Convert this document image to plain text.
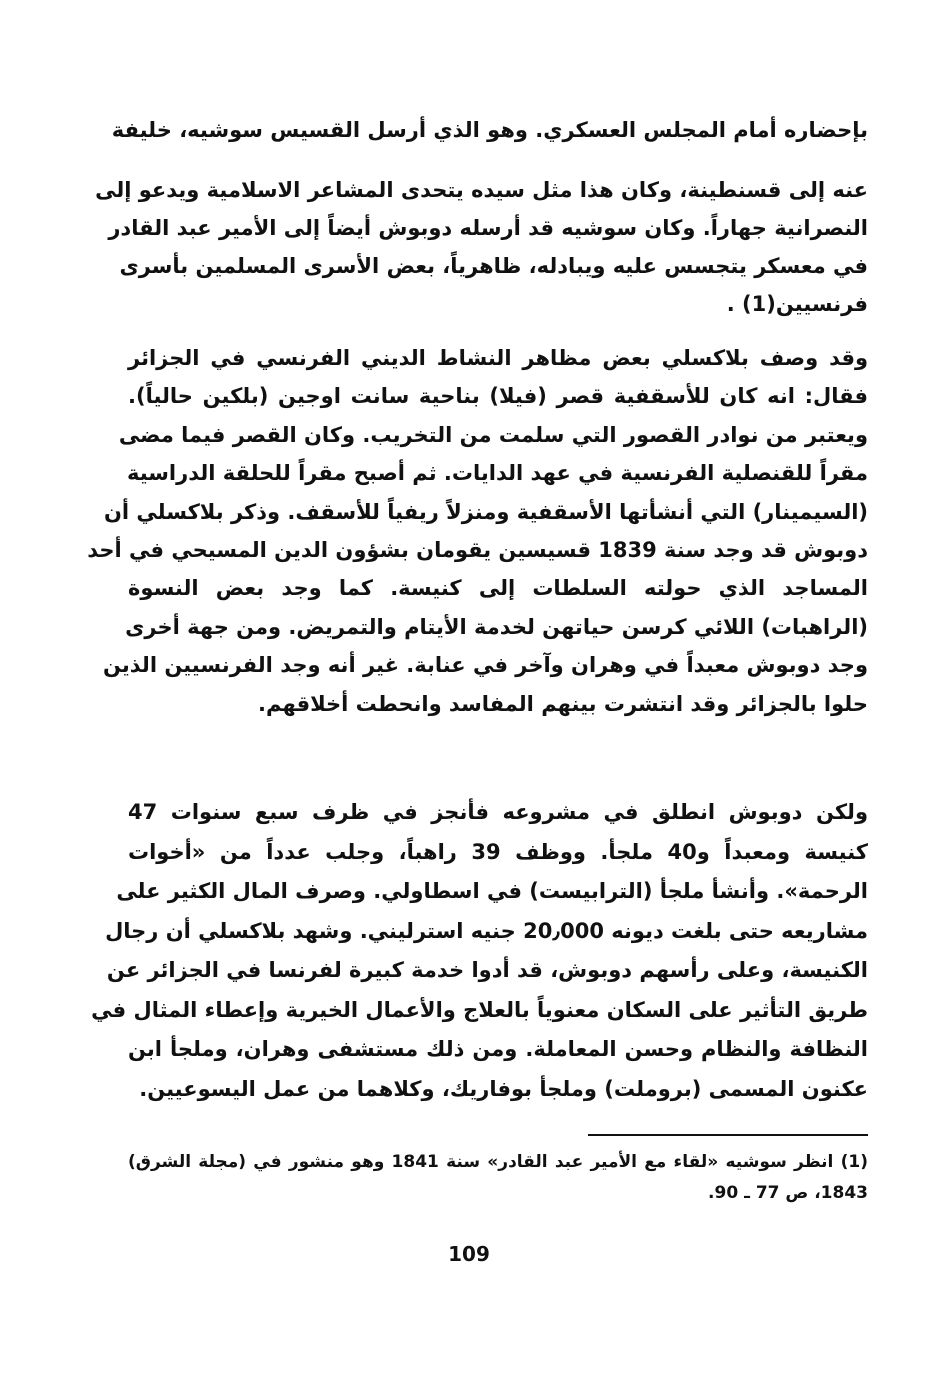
بإحضاره أمام المجلس العسكري. وهو الذي أرسل القسيس سوشيه، خليفة
عنه إلى قسنطينة، وكان هذا مثل سيده يتحدى المشاعر الاسلامية ويدعو إلى
النصرانية جهاراً. وكان سوشيه قد أرسله دوبوش أيضاً إلى الأمير عبد القادر
في معسكر يتجسس عليه ويبادله، ظاهرياً، بعض الأسرى المسلمين بأسرى
فرنسيين(1) .
وقد وصف بلاكسلي بعض مظاهر النشاط الديني الفرنسي في الجزائر
فقال: انه كان للأسقفية قصر (فيلا) بناحية سانت اوجين (بلكين حالياً).
ويعتبر من نوادر القصور التي سلمت من التخريب. وكان القصر فيما مضى
مقراً للقنصلية الفرنسية في عهد الدايات. ثم أصبح مقراً للحلقة الدراسية
(السيمينار) التي أنشأتها الأسقفية ومنزلاً ريفياً للأسقف. وذكر بلاكسلي أن
دوبوش قد وجد سنة 1839 قسيسين يقومان بشؤون الدين المسيحي في أحد
المساجد الذي حولته السلطات إلى كنيسة. كما وجد بعض النسوة
(الراهبات) اللائي كرسن حياتهن لخدمة الأيتام والتمريض. ومن جهة أخرى
وجد دوبوش معبداً في وهران وآخر في عنابة. غير أنه وجد الفرنسيين الذين
حلوا بالجزائر وقد انتشرت بينهم المفاسد وانحطت أخلاقهم.
ولكن دوبوش انطلق في مشروعه فأنجز في ظرف سبع سنوات 47
كنيسة ومعبداً و40 ملجأ. ووظف 39 راهباً، وجلب عدداً من «أخوات
الرحمة». وأنشأ ملجأ (الترابيست) في اسطاولي. وصرف المال الكثير على
مشاريعه حتى بلغت ديونه 20٫000 جنيه استرليني. وشهد بلاكسلي أن رجال
الكنيسة، وعلى رأسهم دوبوش، قد أدوا خدمة كبيرة لفرنسا في الجزائر عن
طريق التأثير على السكان معنوياً بالعلاج والأعمال الخيرية وإعطاء المثال في
النظافة والنظام وحسن المعاملة. ومن ذلك مستشفى وهران، وملجأ ابن
عكنون المسمى (بروملت) وملجأ بوفاريك، وكلاهما من عمل اليسوعيين.
(1) انظر سوشيه «لقاء مع الأمير عبد القادر» سنة 1841 وهو منشور في (مجلة الشرق)
1843، ص 77 ـ 90.
109
